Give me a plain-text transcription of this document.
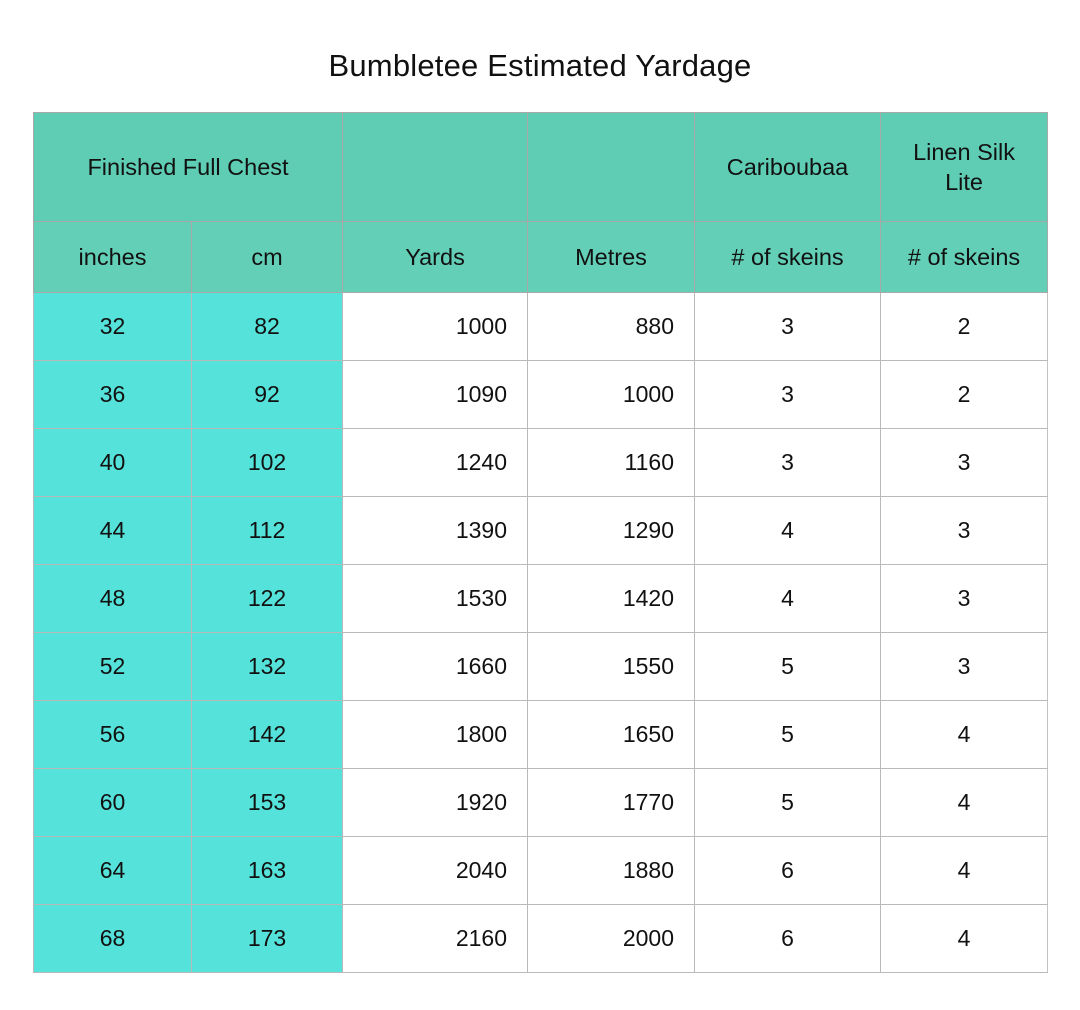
Bumbletee Estimated Yardage
Finished Full Chest				Cariboubaa	Linen Silk Lite
inches	cm	Yards	Metres	# of skeins	# of skeins
32	82	1000	880	3	2
36	92	1090	1000	3	2
40	102	1240	1160	3	3
44	112	1390	1290	4	3
48	122	1530	1420	4	3
52	132	1660	1550	5	3
56	142	1800	1650	5	4
60	153	1920	1770	5	4
64	163	2040	1880	6	4
68	173	2160	2000	6	4
